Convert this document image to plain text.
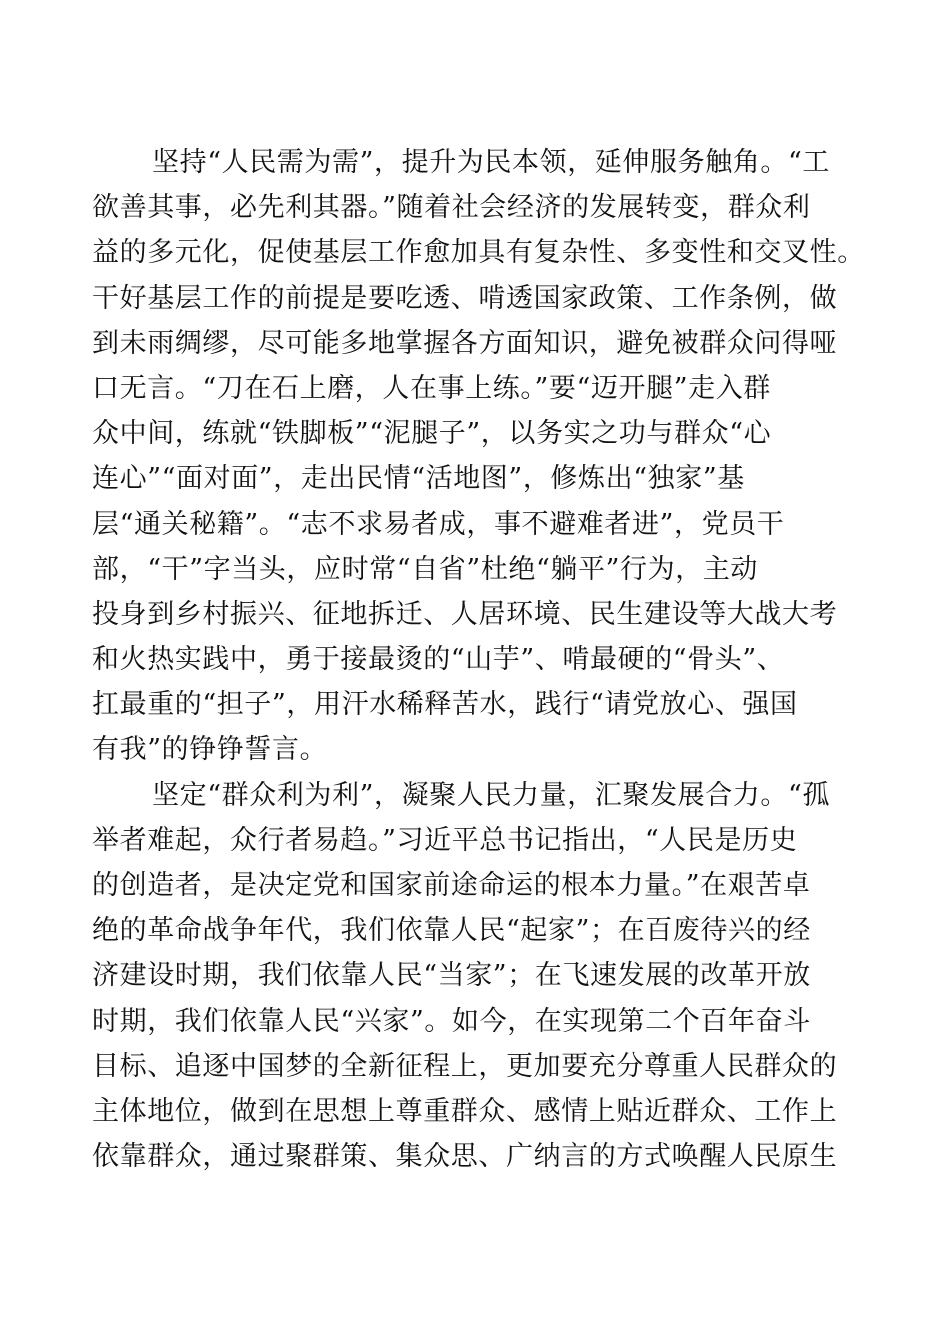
坚持“人民需为需”，提升为民本领，延伸服务触角。“工
欲善其事，必先利其器。”随着社会经济的发展转变，群众利
益的多元化，促使基层工作愈加具有复杂性、多变性和交叉性。
干好基层工作的前提是要吃透、啃透国家政策、工作条例，做
到未雨绸缪，尽可能多地掌握各方面知识，避免被群众问得哑
口无言。“刀在石上磨，人在事上练。”要“迈开腿”走入群
众中间，练就“铁脚板”“泥腿子”，以务实之功与群众“心
连心”“面对面”，走出民情“活地图”，修炼出“独家”基
层“通关秘籍”。“志不求易者成，事不避难者进”，党员干
部，“干”字当头，应时常“自省”杜绝“躺平”行为，主动
投身到乡村振兴、征地拆迁、人居环境、民生建设等大战大考
和火热实践中，勇于接最烫的“山芋”、啃最硬的“骨头”、
扛最重的“担子”，用汗水稀释苦水，践行“请党放心、强国
有我”的铮铮誓言。
坚定“群众利为利”，凝聚人民力量，汇聚发展合力。“孤
举者难起，众行者易趋。”习近平总书记指出，“人民是历史
的创造者，是决定党和国家前途命运的根本力量。”在艰苦卓
绝的革命战争年代，我们依靠人民“起家”；在百废待兴的经
济建设时期，我们依靠人民“当家”；在飞速发展的改革开放
时期，我们依靠人民“兴家”。如今，在实现第二个百年奋斗
目标、追逐中国梦的全新征程上，更加要充分尊重人民群众的
主体地位，做到在思想上尊重群众、感情上贴近群众、工作上
依靠群众，通过聚群策、集众思、广纳言的方式唤醒人民原生
